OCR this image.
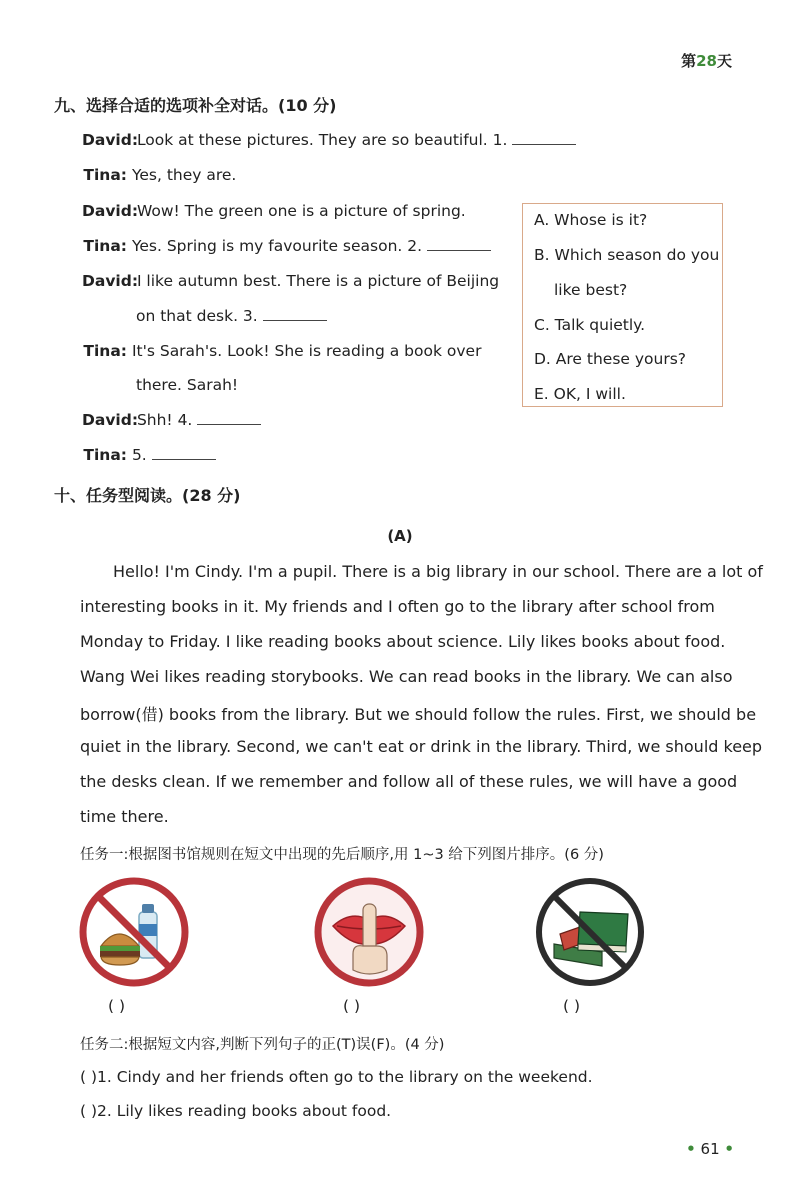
第28天
九、选择合适的选项补全对话。(10 分)
David: Look at these pictures. They are so beautiful. 1.
Tina: Yes, they are.
David: Wow! The green one is a picture of spring.
Tina: Yes. Spring is my favourite season. 2.
David: I like autumn best. There is a picture of Beijing
on that desk. 3.
Tina: It's Sarah's. Look! She is reading a book over
there. Sarah!
David: Shh! 4.
Tina: 5.
A. Whose is it?
B. Which season do you
like best?
C. Talk quietly.
D. Are these yours?
E. OK, I will.
十、任务型阅读。(28 分)
(A)
Hello! I'm Cindy. I'm a pupil. There is a big library in our school. There are a lot of
interesting books in it. My friends and I often go to the library after school from
Monday to Friday. I like reading books about science. Lily likes books about food.
Wang Wei likes reading storybooks. We can read books in the library. We can also
borrow(借) books from the library. But we should follow the rules. First, we should be
quiet in the library. Second, we can't eat or drink in the library. Third, we should keep
the desks clean. If we remember and follow all of these rules, we will have a good
time there.
任务一:根据图书馆规则在短文中出现的先后顺序,用 1~3 给下列图片排序。(6 分)
( )	( )	( )
任务二:根据短文内容,判断下列句子的正(T)误(F)。(4 分)
( )1. Cindy and her friends often go to the library on the weekend.
( )2. Lily likes reading books about food.
• 61 •
